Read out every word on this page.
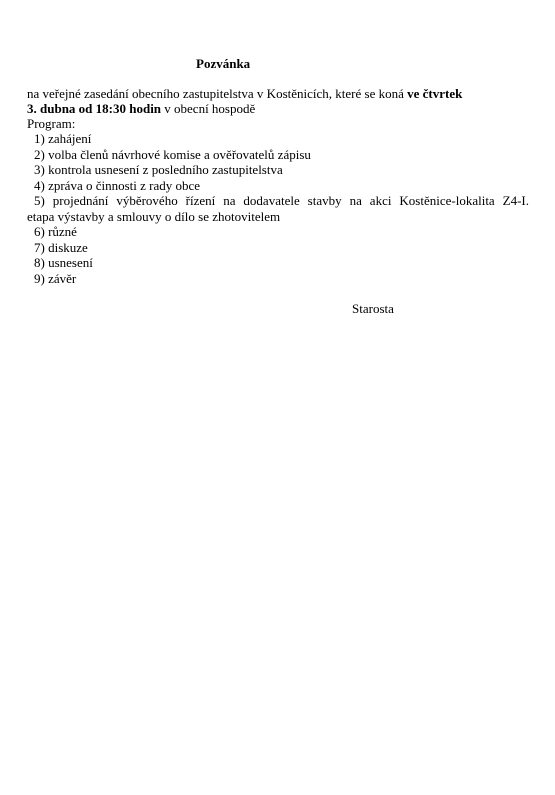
Pozvánka
na veřejné zasedání obecního zastupitelstva v Kostěnicích, které se koná ve čtvrtek
3. dubna od 18:30 hodin v obecní hospodě
Program:
1) zahájení
2) volba členů návrhové komise a ověřovatelů zápisu
3) kontrola usnesení z posledního zastupitelstva
4) zpráva o činnosti z rady obce
5) projednání výběrového řízení na dodavatele stavby na akci Kostěnice-lokalita Z4-I.
etapa výstavby a smlouvy o dílo se zhotovitelem
6) různé
7) diskuze
8) usnesení
9) závěr
Starosta
